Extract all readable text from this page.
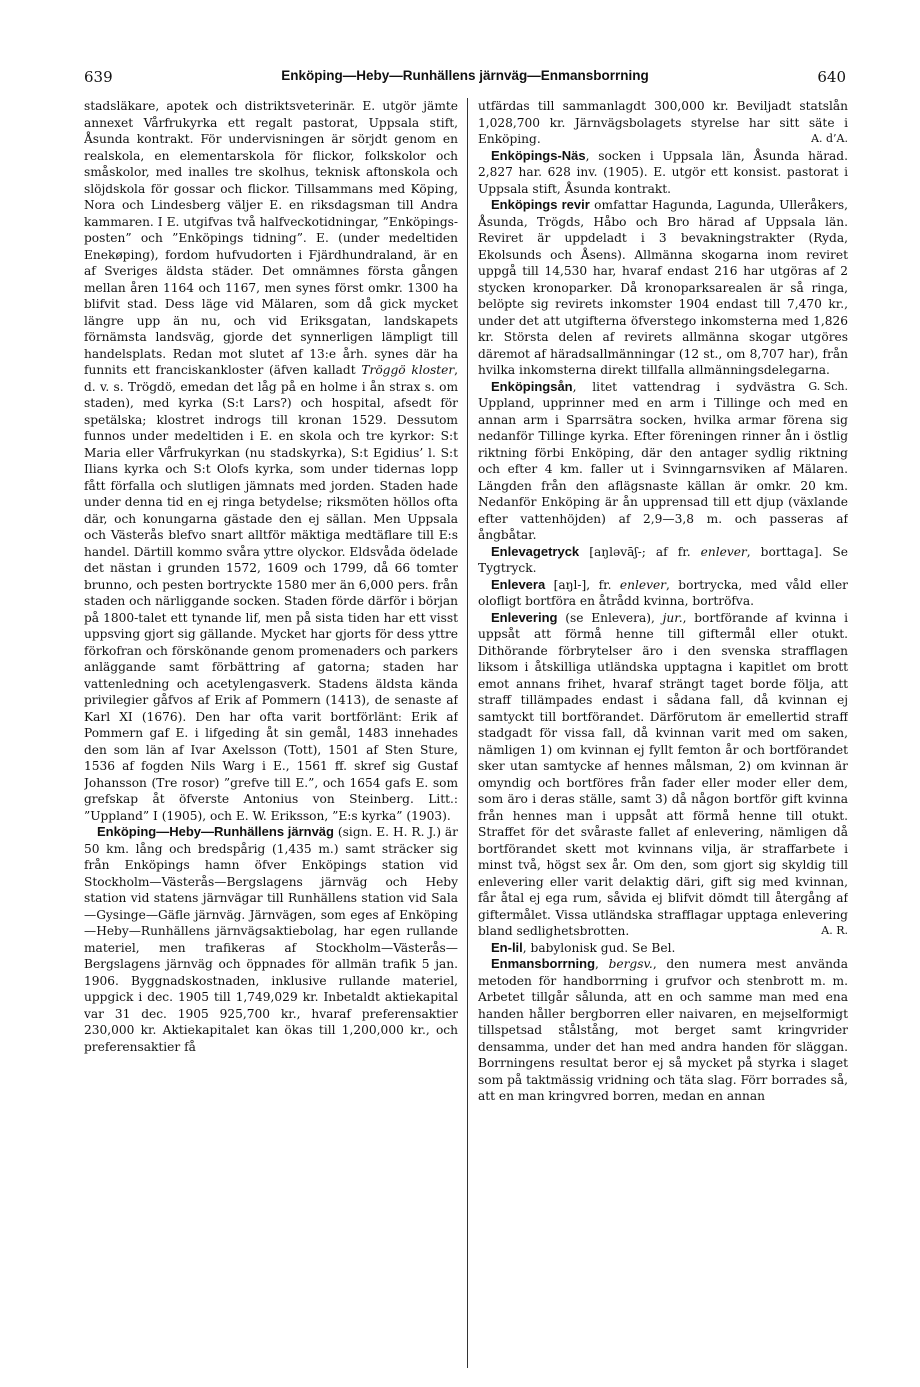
639	Enköping—Heby—Runhällens järnväg—Enmansborrning	640

stadsläkare, apotek och distriktsveterinär. E. utgör jämte annexet Vårfrukyrka ett regalt pastorat, Uppsala stift, Åsunda kontrakt. För undervisningen är sörjdt genom en realskola, en elementarskola för flickor, folkskolor och småskolor, med inalles tre skolhus, teknisk aftonskola och slöjdskola för gossar och flickor. Tillsammans med Köping, Nora och Lindesberg väljer E. en riksdagsman till Andra kammaren. I E. utgifvas två halfveckotidningar, ”Enköpings-posten” och ”Enköpings tidning”. E. (under medeltiden Enekøping), fordom hufvudorten i Fjärdhundraland, är en af Sveriges äldsta städer. Det omnämnes första gången mellan åren 1164 och 1167, men synes först omkr. 1300 ha blifvit stad. Dess läge vid Mälaren, som då gick mycket längre upp än nu, och vid Eriksgatan, landskapets förnämsta landsväg, gjorde det synnerligen lämpligt till handelsplats. Redan mot slutet af 13:e årh. synes där ha funnits ett franciskankloster (äfven kalladt Tröggö kloster, d. v. s. Trögdö, emedan det låg på en holme i ån strax s. om staden), med kyrka (S:t Lars?) och hospital, afsedt för spetälska; klostret indrogs till kronan 1529. Dessutom funnos under medeltiden i E. en skola och tre kyrkor: S:t Maria eller Vårfrukyrkan (nu stadskyrka), S:t Egidius’ l. S:t Ilians kyrka och S:t Olofs kyrka, som under tidernas lopp fått förfalla och slutligen jämnats med jorden. Staden hade under denna tid en ej ringa betydelse; riksmöten höllos ofta där, och konungarna gästade den ej sällan. Men Uppsala och Västerås blefvo snart alltför mäktiga medtäflare till E:s handel. Därtill kommo svåra yttre olyckor. Eldsvåda ödelade det nästan i grunden 1572, 1609 och 1799, då 66 tomter brunno, och pesten bortryckte 1580 mer än 6,000 pers. från staden och närliggande socken. Staden förde därför i början på 1800-talet ett tynande lif, men på sista tiden har ett visst uppsving gjort sig gällande. Mycket har gjorts för dess yttre förkofran och förskönande genom promenaders och parkers anläggande samt förbättring af gatorna; staden har vattenledning och acetylengasverk. Stadens äldsta kända privilegier gåfvos af Erik af Pommern (1413), de senaste af Karl XI (1676). Den har ofta varit bortförläntː Erik af Pommern gaf E. i lifgeding åt sin gemål, 1483 innehades den som län af Ivar Axelsson (Tott), 1501 af Sten Sture, 1536 af fogden Nils Warg i E., 1561 ff. skref sig Gustaf Johansson (Tre rosor) ”grefve till E.”, och 1654 gafs E. som grefskap åt öfverste Antonius von Steinberg. Litt.: ”Uppland” I (1905), och E. W. Eriksson, ”E:s kyrka” (1903).

Enköping—Heby—Runhällens järnväg (sign. E. H. R. J.) är 50 km. lång och bredspårig (1,435 m.) samt sträcker sig från Enköpings hamn öfver Enköpings station vid Stockholm—Västerås—Bergslagens järnväg och Heby station vid statens järnvägar till Runhällens station vid Sala—Gysinge—Gäfle järnväg. Järnvägen, som eges af Enköping—Heby—Runhällens järnvägsaktiebolag, har egen rullande materiel, men trafikeras af Stockholm—Västerås—Bergslagens järnväg och öppnades för allmän trafik 5 jan. 1906. Byggnadskostnaden, inklusive rullande materiel, uppgick i dec. 1905 till 1,749,029 kr. Inbetaldt aktiekapital var 31 dec. 1905 925,700 kr., hvaraf preferensaktier 230,000 kr. Aktiekapitalet kan ökas till 1,200,000 kr., och preferensaktier få

utfärdas till sammanlagdt 300,000 kr. Beviljadt statslån 1,028,700 kr. Järnvägsbolagets styrelse har sitt säte i Enköping.	A. d’A.

Enköpings-Näs, socken i Uppsala län, Åsunda härad. 2,827 har. 628 inv. (1905). E. utgör ett konsist. pastorat i Uppsala stift, Åsunda kontrakt.

Enköpings revir omfattar Hagunda, Lagunda, Ulleråkers, Åsunda, Trögds, Håbo och Bro härad af Uppsala län. Reviret är uppdeladt i 3 bevakningstrakter (Ryda, Ekolsunds och Åsens). Allmänna skogarna inom reviret uppgå till 14,530 har, hvaraf endast 216 har utgöras af 2 stycken kronoparker. Då kronoparksarealen är så ringa, belöpte sig revirets inkomster 1904 endast till 7,470 kr., under det att utgifterna öfverstego inkomsterna med 1,826 kr. Största delen af revirets allmänna skogar utgöres däremot af häradsallmänningar (12 st., om 8,707 har), från hvilka inkomsterna direkt tillfalla allmänningsdelegarna.
G. Sch.

Enköpingsån, litet vattendrag i sydvästra Uppland, upprinner med en arm i Tillinge och med en annan arm i Sparrsätra socken, hvilka armar förena sig nedanför Tillinge kyrka. Efter föreningen rinner ån i östlig riktning förbi Enköping, där den antager sydlig riktning och efter 4 km. faller ut i Svinngarnsviken af Mälaren. Längden från den aflägsnaste källan är omkr. 20 km. Nedanför Enköping är ån upprensad till ett djup (växlande efter vattenhöjden) af 2,9—3,8 m. och passeras af ångbåtar.

Enlevagetryck [aŋlǝvāʃ-; af fr. enlever, borttaga]. Se Tygtryck.

Enlevera [aŋl-], fr. enlever, bortrycka, med våld eller olofligt bortföra en åtrådd kvinna, bortröfva.

Enlevering (se Enlevera), jur., bortförande af kvinna i uppsåt att förmå henne till giftermål eller otukt. Dithörande förbrytelser äro i den svenska strafflagen liksom i åtskilliga utländska upptagna i kapitlet om brott emot annans frihet, hvaraf strängt taget borde följa, att straff tillämpades endast i sådana fall, då kvinnan ej samtyckt till bortförandet. Därförutom är emellertid straff stadgadt för vissa fall, då kvinnan varit med om saken, nämligen 1) om kvinnan ej fyllt femton år och bortförandet sker utan samtycke af hennes målsman, 2) om kvinnan är omyndig och bortföres från fader eller moder eller dem, som äro i deras ställe, samt 3) då någon bortför gift kvinna från hennes man i uppsåt att förmå henne till otukt. Straffet för det svåraste fallet af enlevering, nämligen då bortförandet skett mot kvinnans vilja, är straffarbete i minst två, högst sex år. Om den, som gjort sig skyldig till enlevering eller varit delaktig däri, gift sig med kvinnan, får åtal ej ega rum, såvida ej blifvit dömdt till återgång af giftermålet. Vissa utländska strafflagar upptaga enlevering bland sedlighetsbrotten.	A. R.

En-lil, babylonisk gud. Se Bel.

Enmansborrning, bergsv., den numera mest använda metoden för handborrning i grufvor och stenbrott m. m. Arbetet tillgår sålunda, att en och samme man med ena handen håller bergborren eller naivaren, en mejselformigt tillspetsad stålstång, mot berget samt kringvrider densamma, under det han med andra handen för släggan. Borrningens resultat beror ej så mycket på styrka i slaget som på taktmässig vridning och täta slag. Förr borrades så, att en man kringvred borren, medan en annan
